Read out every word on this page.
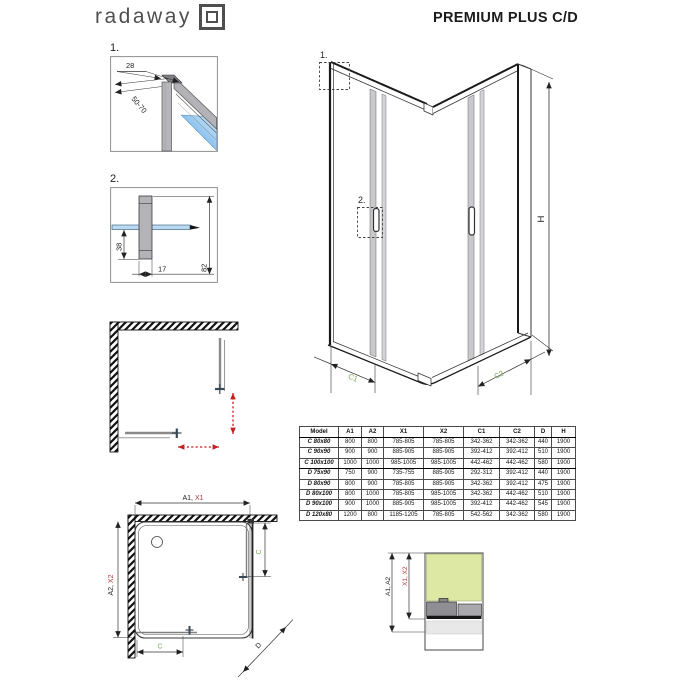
radaway	PREMIUM PLUS C/D
1.
28
50-70
2.
38
17	82
1.
2.
H
C1	C2
A1, X1
A2, X2
C
C	D
A1, A2
X1, X2
Model	A1	A2	X1	X2	C1	C2	D	H
C 80x80	800	800	785-805	785-805	342-362	342-362	440	1900
C 90x90	900	900	885-905	885-905	392-412	392-412	510	1900
C 100x100	1000	1000	985-1005	985-1005	442-462	442-462	580	1900
D 75x90	750	900	735-755	885-905	292-312	392-412	440	1900
D 80x90	800	900	785-805	885-905	342-362	392-412	475	1900
D 80x100	800	1000	785-805	985-1005	342-362	442-462	510	1900
D 90x100	900	1000	885-905	985-1005	392-412	442-462	545	1900
D 120x80	1200	800	1185-1205	785-805	542-562	342-362	580	1900
